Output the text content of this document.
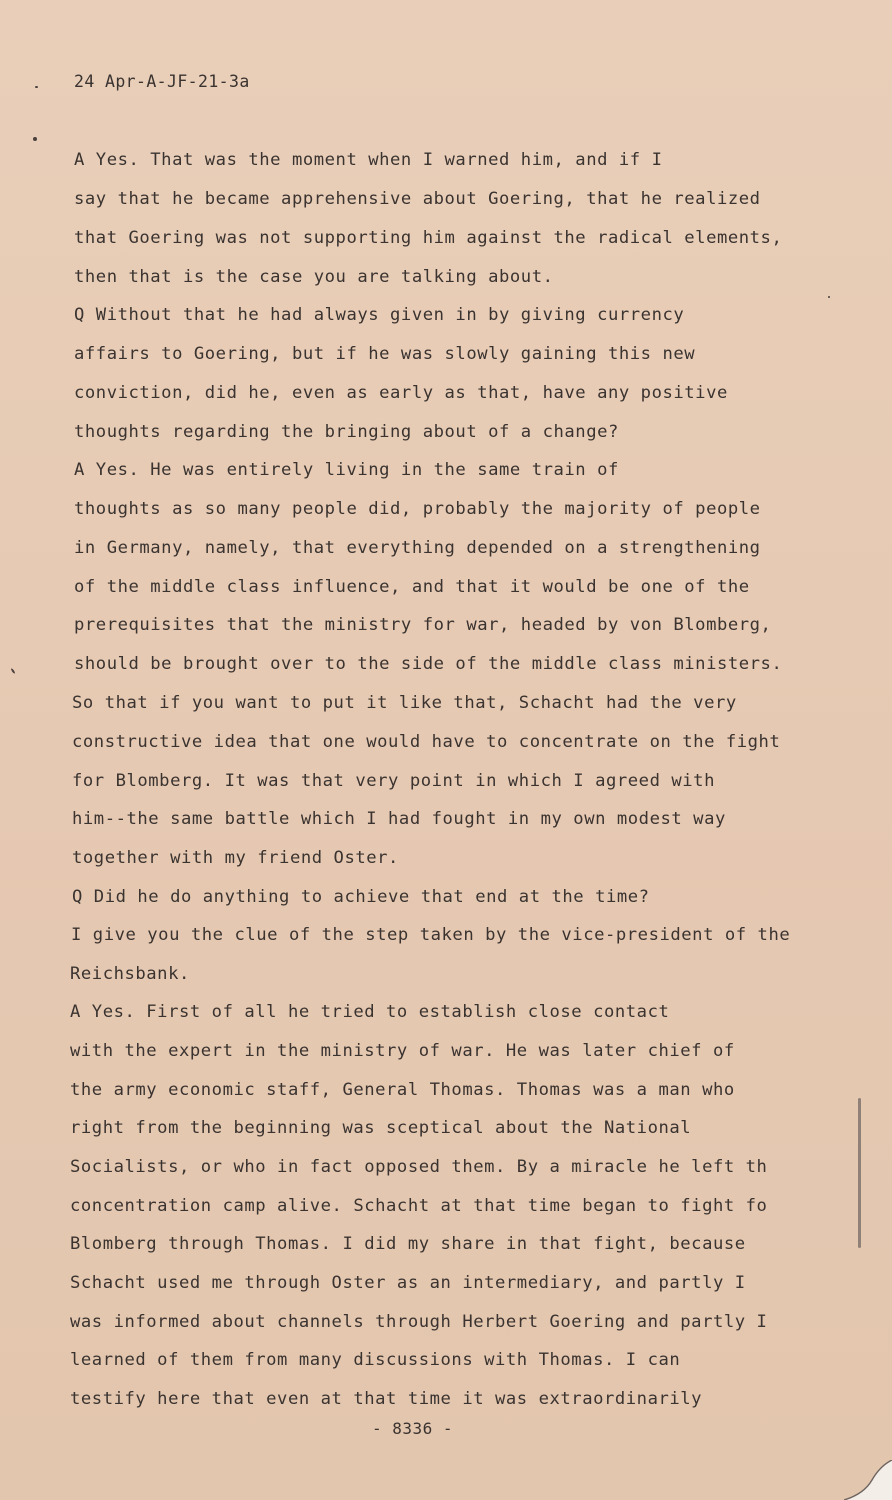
24 Apr-A-JF-21-3a
A Yes. That was the moment when I warned him, and if I
say that he became apprehensive about Goering, that he realized
that Goering was not supporting him against the radical elements,
then that is the case you are talking about.
Q Without that he had always given in by giving currency
affairs to Goering, but if he was slowly gaining this new
conviction, did he, even as early as that, have any positive
thoughts regarding the bringing about of a change?
A Yes. He was entirely living in the same train of
thoughts as so many people did, probably the majority of people
in Germany, namely, that everything depended on a strengthening
of the middle class influence, and that it would be one of the
prerequisites that the ministry for war, headed by von Blomberg,
should be brought over to the side of the middle class ministers.
So that if you want to put it like that, Schacht had the very
constructive idea that one would have to concentrate on the fight
for Blomberg. It was that very point in which I agreed with
him--the same battle which I had fought in my own modest way
together with my friend Oster.
Q Did he do anything to achieve that end at the time?
I give you the clue of the step taken by the vice-president of the
Reichsbank.
A Yes. First of all he tried to establish close contact
with the expert in the ministry of war. He was later chief of
the army economic staff, General Thomas. Thomas was a man who
right from the beginning was sceptical about the National
Socialists, or who in fact opposed them. By a miracle he left th
concentration camp alive. Schacht at that time began to fight fo
Blomberg through Thomas. I did my share in that fight, because
Schacht used me through Oster as an intermediary, and partly I
was informed about channels through Herbert Goering and partly I
learned of them from many discussions with Thomas. I can
testify here that even at that time it was extraordinarily
- 8336 -
